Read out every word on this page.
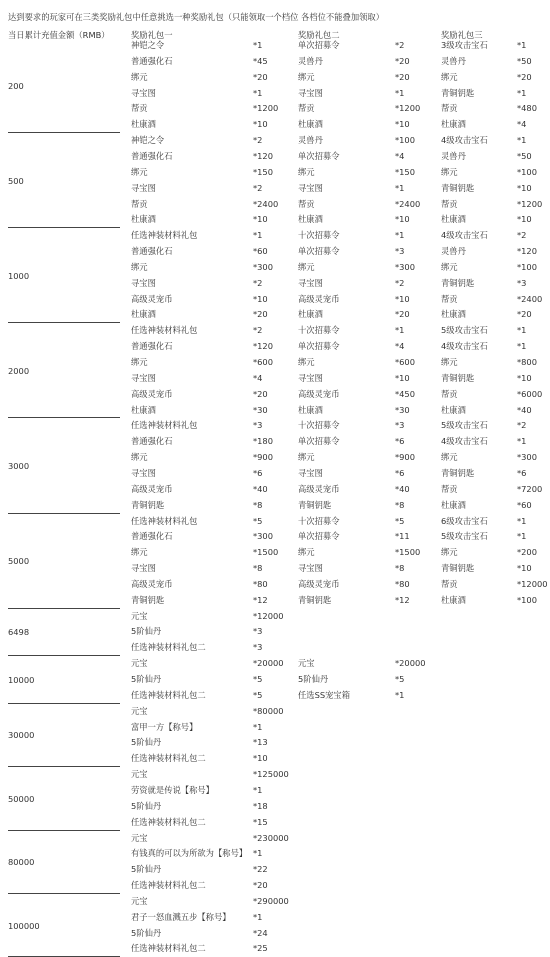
达到要求的玩家可在三类奖励礼包中任意挑选一种奖励礼包（只能领取一个档位 各档位不能叠加领取）
当日累计充值金额（RMB）	奖励礼包一	奖励礼包二	奖励礼包三
200
神铠之令	*1	单次招募令	*2	3级攻击宝石	*1
普通强化石	*45	灵兽丹	*20	灵兽丹	*50
绑元	*20	绑元	*20	绑元	*20
寻宝图	*1	寻宝图	*1	青铜钥匙	*1
帮贡	*1200 帮贡	*1200 帮贡	*480
杜康酒	*10	杜康酒	*10	杜康酒	*4
500
神铠之令	*2	灵兽丹	*100	4级攻击宝石	*1
普通强化石	*120	单次招募令	*4	灵兽丹	*50
绑元	*150	绑元	*150	绑元	*100
寻宝图	*2	寻宝图	*1	青铜钥匙	*10
帮贡	*2400 帮贡	*2400 帮贡	*1200
杜康酒	*10	杜康酒	*10	杜康酒	*10
1000
任选神装材料礼包	*1	十次招募令	*1	4级攻击宝石	*2
普通强化石	*60	单次招募令	*3	灵兽丹	*120
绑元	*300	绑元	*300	绑元	*100
寻宝图	*2	寻宝图	*2	青铜钥匙	*3
高级灵宠币	*10	高级灵宠币	*10	帮贡	*2400
杜康酒	*20	杜康酒	*20	杜康酒	*20
2000
任选神装材料礼包	*2	十次招募令	*1	5级攻击宝石	*1
普通强化石	*120	单次招募令	*4	4级攻击宝石	*1
绑元	*600	绑元	*600	绑元	*800
寻宝图	*4	寻宝图	*10	青铜钥匙	*10
高级灵宠币	*20	高级灵宠币	*450	帮贡	*6000
杜康酒	*30	杜康酒	*30	杜康酒	*40
3000
任选神装材料礼包	*3	十次招募令	*3	5级攻击宝石	*2
普通强化石	*180	单次招募令	*6	4级攻击宝石	*1
绑元	*900	绑元	*900	绑元	*300
寻宝图	*6	寻宝图	*6	青铜钥匙	*6
高级灵宠币	*40	高级灵宠币	*40	帮贡	*7200
青铜钥匙	*8	青铜钥匙	*8	杜康酒	*60
5000
任选神装材料礼包	*5	十次招募令	*5	6级攻击宝石	*1
普通强化石	*300	单次招募令	*11	5级攻击宝石	*1
绑元	*1500 绑元	*1500 绑元	*200
寻宝图	*8	寻宝图	*8	青铜钥匙	*10
高级灵宠币	*80	高级灵宠币	*80	帮贡	*12000
青铜钥匙	*12	青铜钥匙	*12	杜康酒	*100
6498
元宝	*12000
5阶仙丹	*3
任选神装材料礼包二	*3
10000
元宝	*20000 元宝	*20000
5阶仙丹	*5	5阶仙丹	*5
任选神装材料礼包二	*5	任选SS宠宝箱	*1
30000
元宝	*80000
富甲一方【称号】	*1
5阶仙丹	*13
任选神装材料礼包二	*10
50000
元宝	*125000
劳资就是传说【称号】	*1
5阶仙丹	*18
任选神装材料礼包二	*15
80000
元宝	*230000
有钱真的可以为所欲为【称号】 *1
5阶仙丹	*22
任选神装材料礼包二	*20
100000
元宝	*290000
君子一怒血溅五步【称号】	*1
5阶仙丹	*24
任选神装材料礼包二	*25
